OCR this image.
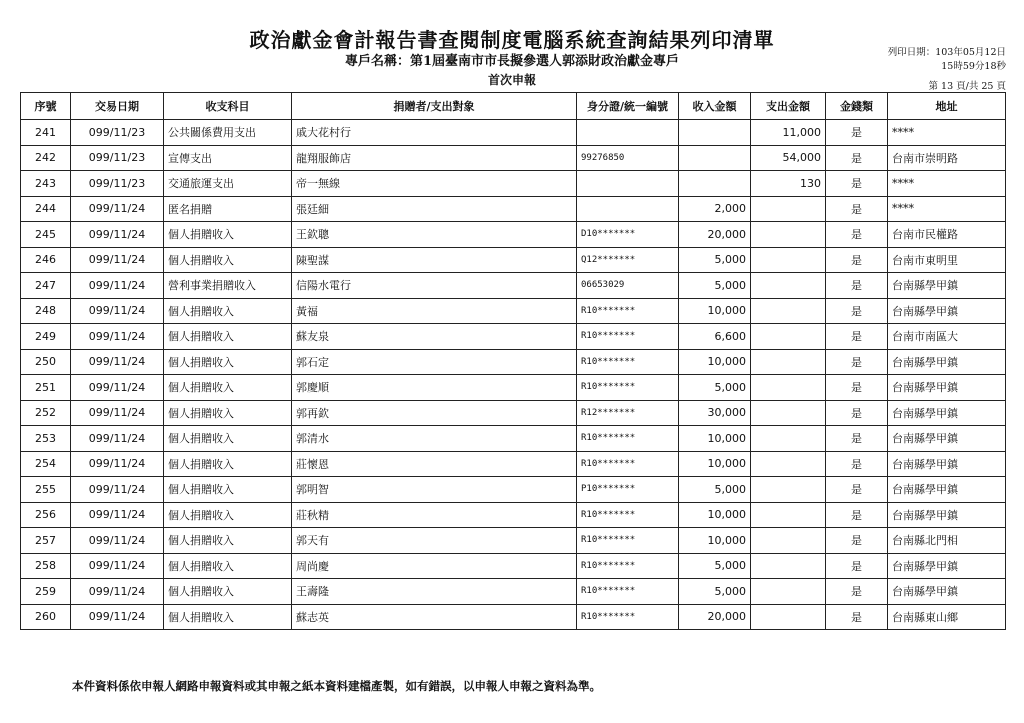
政治獻金會計報告書查閱制度電腦系統查詢結果列印清單
專戶名稱：第1屆臺南市市長擬參選人郭添財政治獻金專戶
首次申報
列印日期：103年05月12日
15時59分18秒
第 13 頁/共 25 頁
序號	交易日期	收支科目	捐贈者/支出對象	身分證/統一編號	收入金額	支出金額	金錢類	地址
241	099/11/23	公共關係費用支出	戚大花村行			11,000	是	****
242	099/11/23	宣傳支出	龍翔服飾店	99276850		54,000	是	台南市崇明路
243	099/11/23	交通旅運支出	帝一無線			130	是	****
244	099/11/24	匿名捐贈	張廷細		2,000		是	****
245	099/11/24	個人捐贈收入	王欽聰	D10*******	20,000		是	台南市民權路
246	099/11/24	個人捐贈收入	陳聖謀	Q12*******	5,000		是	台南市東明里
247	099/11/24	營利事業捐贈收入	信陽水電行	06653029	5,000		是	台南縣學甲鎮
248	099/11/24	個人捐贈收入	黃福	R10*******	10,000		是	台南縣學甲鎮
249	099/11/24	個人捐贈收入	蘇友泉	R10*******	6,600		是	台南市南區大
250	099/11/24	個人捐贈收入	郭石定	R10*******	10,000		是	台南縣學甲鎮
251	099/11/24	個人捐贈收入	郭慶順	R10*******	5,000		是	台南縣學甲鎮
252	099/11/24	個人捐贈收入	郭再欽	R12*******	30,000		是	台南縣學甲鎮
253	099/11/24	個人捐贈收入	郭清水	R10*******	10,000		是	台南縣學甲鎮
254	099/11/24	個人捐贈收入	莊懷恩	R10*******	10,000		是	台南縣學甲鎮
255	099/11/24	個人捐贈收入	郭明智	P10*******	5,000		是	台南縣學甲鎮
256	099/11/24	個人捐贈收入	莊秋精	R10*******	10,000		是	台南縣學甲鎮
257	099/11/24	個人捐贈收入	郭天有	R10*******	10,000		是	台南縣北門相
258	099/11/24	個人捐贈收入	周尚慶	R10*******	5,000		是	台南縣學甲鎮
259	099/11/24	個人捐贈收入	王壽隆	R10*******	5,000		是	台南縣學甲鎮
260	099/11/24	個人捐贈收入	蘇志英	R10*******	20,000		是	台南縣東山鄉
本件資料係依申報人網路申報資料或其申報之紙本資料建檔產製，如有錯誤，以申報人申報之資料為準。
